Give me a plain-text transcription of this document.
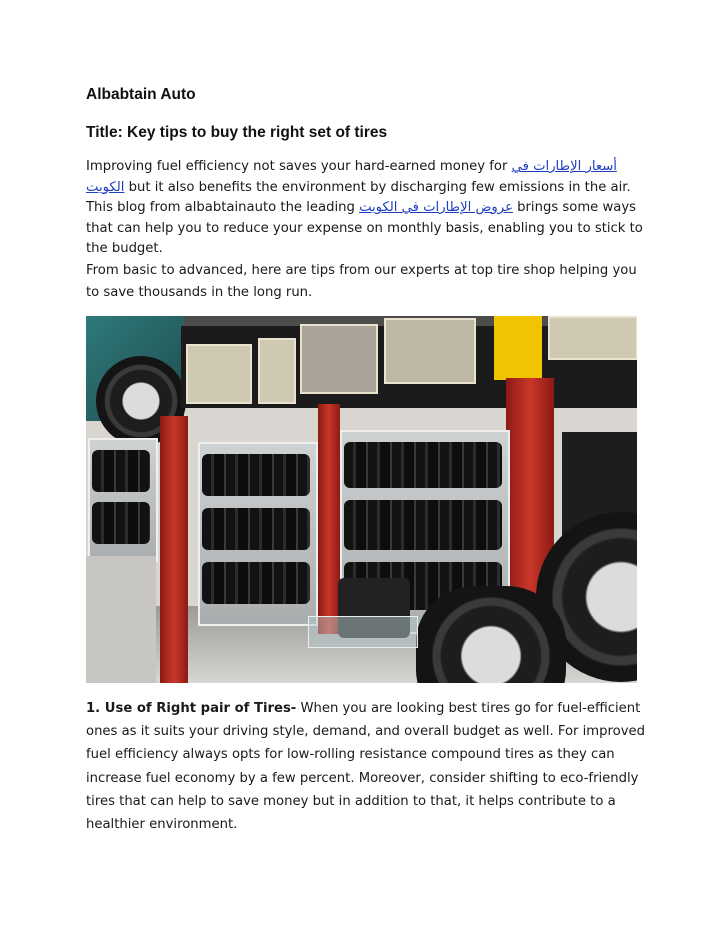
Albabtain Auto
Title: Key tips to buy the right set of tires

Improving fuel efficiency not saves your hard-earned money for أسعار الإطارات في الكويت but it also benefits the environment by discharging few emissions in the air. This blog from albabtainauto the leading عروض الإطارات في الكويت brings some ways that can help you to reduce your expense on monthly basis, enabling you to stick to the budget.

From basic to advanced, here are tips from our experts at top tire shop helping you to save thousands in the long run.

1. Use of Right pair of Tires- When you are looking best tires go for fuel-efficient ones as it suits your driving style, demand, and overall budget as well. For improved fuel efficiency always opts for low-rolling resistance compound tires as they can increase fuel economy by a few percent. Moreover, consider shifting to eco-friendly tires that can help to save money but in addition to that, it helps contribute to a healthier environment.
